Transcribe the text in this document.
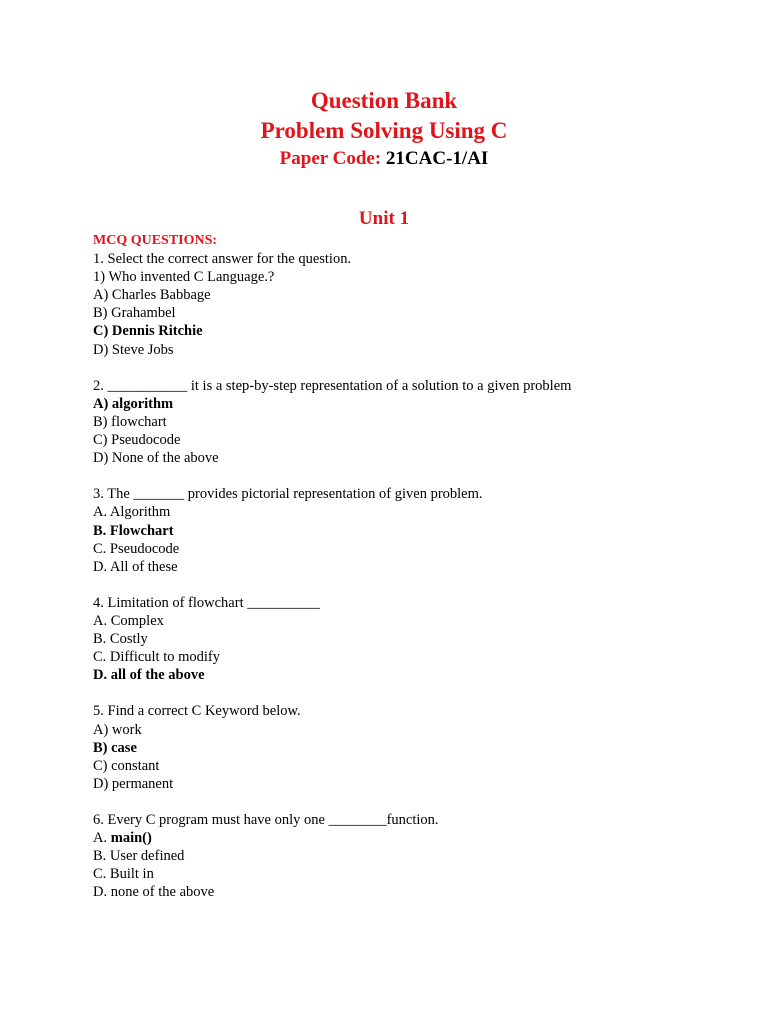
Question Bank
Problem Solving Using C
Paper Code: 21CAC-1/AI
Unit 1
MCQ QUESTIONS:
1. Select the correct answer for the question.
1) Who invented C Language.?
A) Charles Babbage
B) Grahambel
C) Dennis Ritchie
D) Steve Jobs
2. ___________ it is a step-by-step representation of a solution to a given problem
A) algorithm
B) flowchart
C) Pseudocode
D) None of the above
3. The _______ provides pictorial representation of given problem.
A. Algorithm
B. Flowchart
C. Pseudocode
D. All of these
4. Limitation of flowchart __________
A. Complex
B. Costly
C. Difficult to modify
D. all of the above
5. Find a correct C Keyword below.
A) work
B) case
C) constant
D) permanent
6. Every C program must have only one ________function.
A. main()
B. User defined
C. Built in
D. none of the above
